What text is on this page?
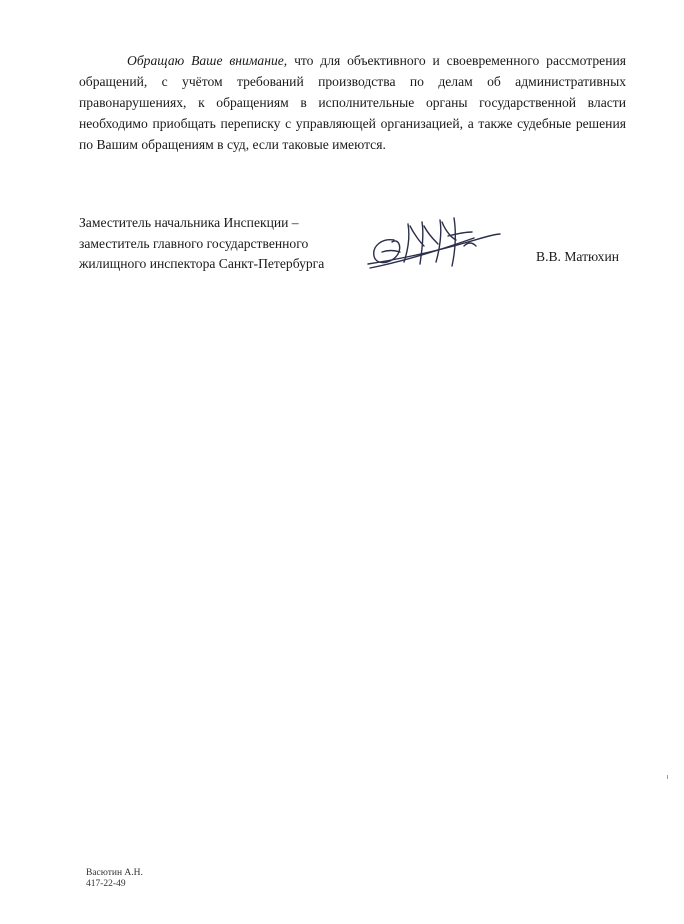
Обращаю Ваше внимание, что для объективного и своевременного рассмотрения обращений, с учётом требований производства по делам об административных правонарушениях, к обращениям в исполнительные органы государственной власти необходимо приобщать переписку с управляющей организацией, а также судебные решения по Вашим обращениям в суд, если таковые имеются.

Заместитель начальника Инспекции –
заместитель главного государственного
жилищного инспектора Санкт-Петербурга	В.В. Матюхин
Васютин А.Н.
417-22-49
